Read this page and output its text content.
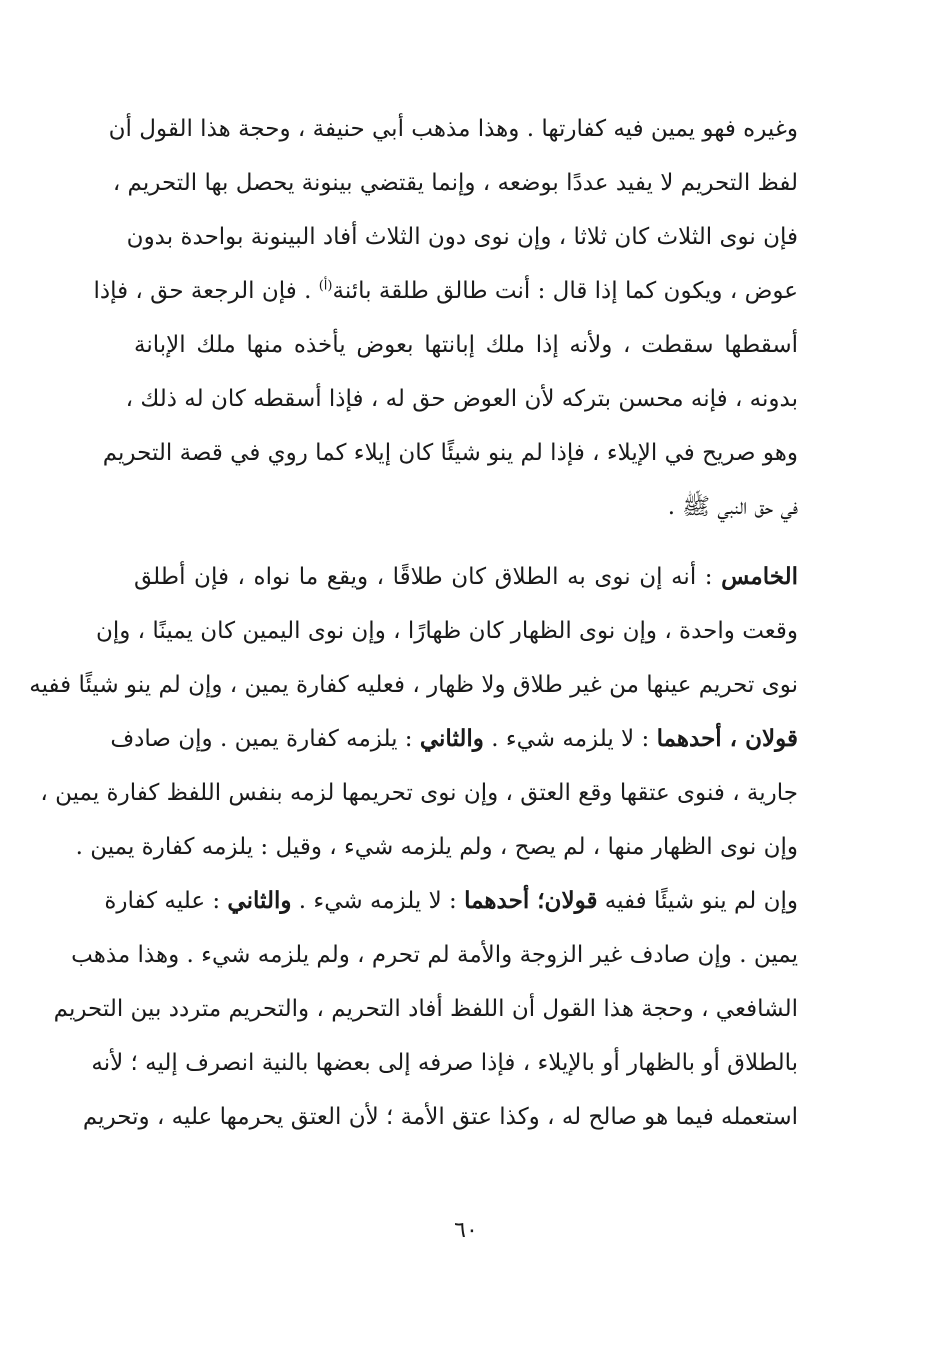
وغيره فهو يمين فيه كفارتها . وهذا مذهب أبي حنيفة ، وحجة هذا القول أن
لفظ التحريم لا يفيد عددًا بوضعه ، وإنما يقتضي بينونة يحصل بها التحريم ،
فإن نوى الثلاث كان ثلاثا ، وإن نوى دون الثلاث أفاد البينونة بواحدة بدون
عوض ، ويكون كما إذا قال : أنت طالق طلقة بائنة$^{(أ)}$ . فإن الرجعة حق ، فإذا
أسقطها سقطت ، ولأنه إذا ملك إبانتها بعوض يأخذه منها ملك الإبانة
بدونه ، فإنه محسن بتركه لأن العوض حق له ، فإذا أسقطه كان له ذلك ،
وهو صريح في الإيلاء ، فإذا لم ينو شيئًا كان إيلاء كما روي في قصة التحريم
في حق النبي ﷺ .
الخامس : أنه إن نوى به الطلاق كان طلاقًا ، ويقع ما نواه ، فإن أطلق
وقعت واحدة ، وإن نوى الظهار كان ظهارًا ، وإن نوى اليمين كان يمينًا ، وإن
نوى تحريم عينها من غير طلاق ولا ظهار ، فعليه كفارة يمين ، وإن لم ينو شيئًا ففيه
قولان ، أحدهما : لا يلزمه شيء . والثاني : يلزمه كفارة يمين . وإن صادف
جارية ، فنوى عتقها وقع العتق ، وإن نوى تحريمها لزمه بنفس اللفظ كفارة يمين ،
وإن نوى الظهار منها ، لم يصح ، ولم يلزمه شيء ، وقيل : يلزمه كفارة يمين .
وإن لم ينو شيئًا ففيه قولان؛ أحدهما : لا يلزمه شيء . والثاني : عليه كفارة
يمين . وإن صادف غير الزوجة والأمة لم تحرم ، ولم يلزمه شيء . وهذا مذهب
الشافعي ، وحجة هذا القول أن اللفظ أفاد التحريم ، والتحريم متردد بين التحريم
بالطلاق أو بالظهار أو بالإيلاء ، فإذا صرفه إلى بعضها بالنية انصرف إليه ؛ لأنه
استعمله فيما هو صالح له ، وكذا عتق الأمة ؛ لأن العتق يحرمها عليه ، وتحريم
٦٠
